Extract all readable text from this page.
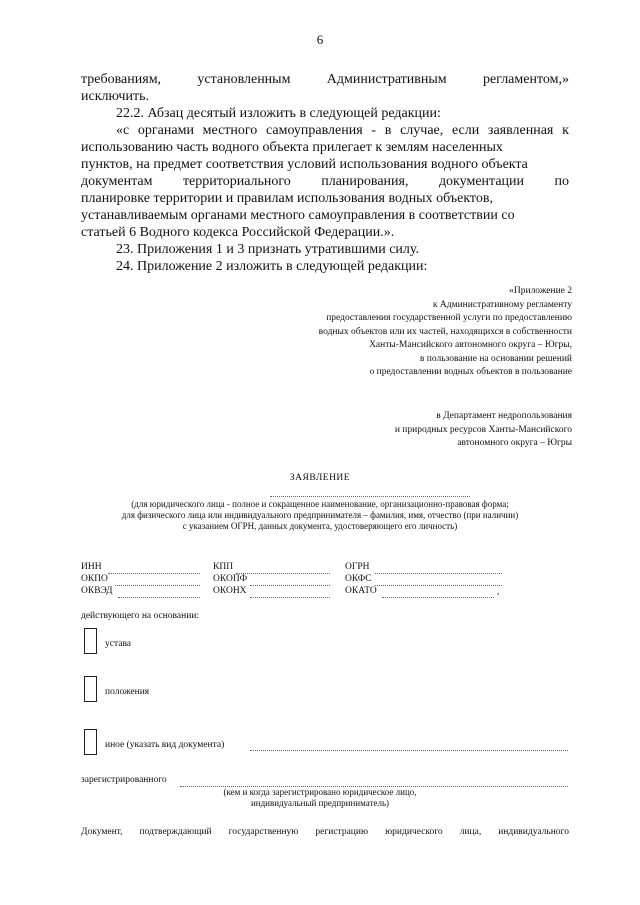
6
требованиям,	установленным	Административным	регламентом,»
исключить.
22.2. Абзац десятый изложить в следующей редакции:
«с органами местного самоуправления - в случае, если заявленная к
использованию часть водного объекта прилегает к землям населенных
пунктов, на предмет соответствия условий использования водного объекта
документам территориального планирования, документации по
планировке территории и правилам использования водных объектов,
устанавливаемым органами местного самоуправления в соответствии со
статьей 6 Водного кодекса Российской Федерации.».
23. Приложения 1 и 3 признать утратившими силу.
24. Приложение 2 изложить в следующей редакции:
«Приложение 2
к Административному регламенту
предоставления государственной услуги по предоставлению
водных объектов или их частей, находящихся в собственности
Ханты-Мансийского автономного округа – Югры,
в пользование на основании решений
о предоставлении водных объектов в пользование
в Департамент недропользования
и природных ресурсов Ханты-Мансийского
автономного округа – Югры
ЗАЯВЛЕНИЕ
(для юридического лица - полное и сокращенное наименование, организационно-правовая форма;
для физического лица или индивидуального предпринимателя – фамилия, имя, отчество (при наличии)
с указанием ОГРН, данных документа, удостоверяющего его личность)
ИНН	КПП	ОГРН
ОКПО	ОКОПФ	ОКФС
ОКВЭД	ОКОНХ	ОКАТО	,
действующего на основании:
устава
положения
иное (указать вид документа)
зарегистрированного
(кем и когда зарегистрировано юридическое лицо,
индивидуальный предприниматель)
Документ, подтверждающий государственную регистрацию юридического лица, индивидуального
